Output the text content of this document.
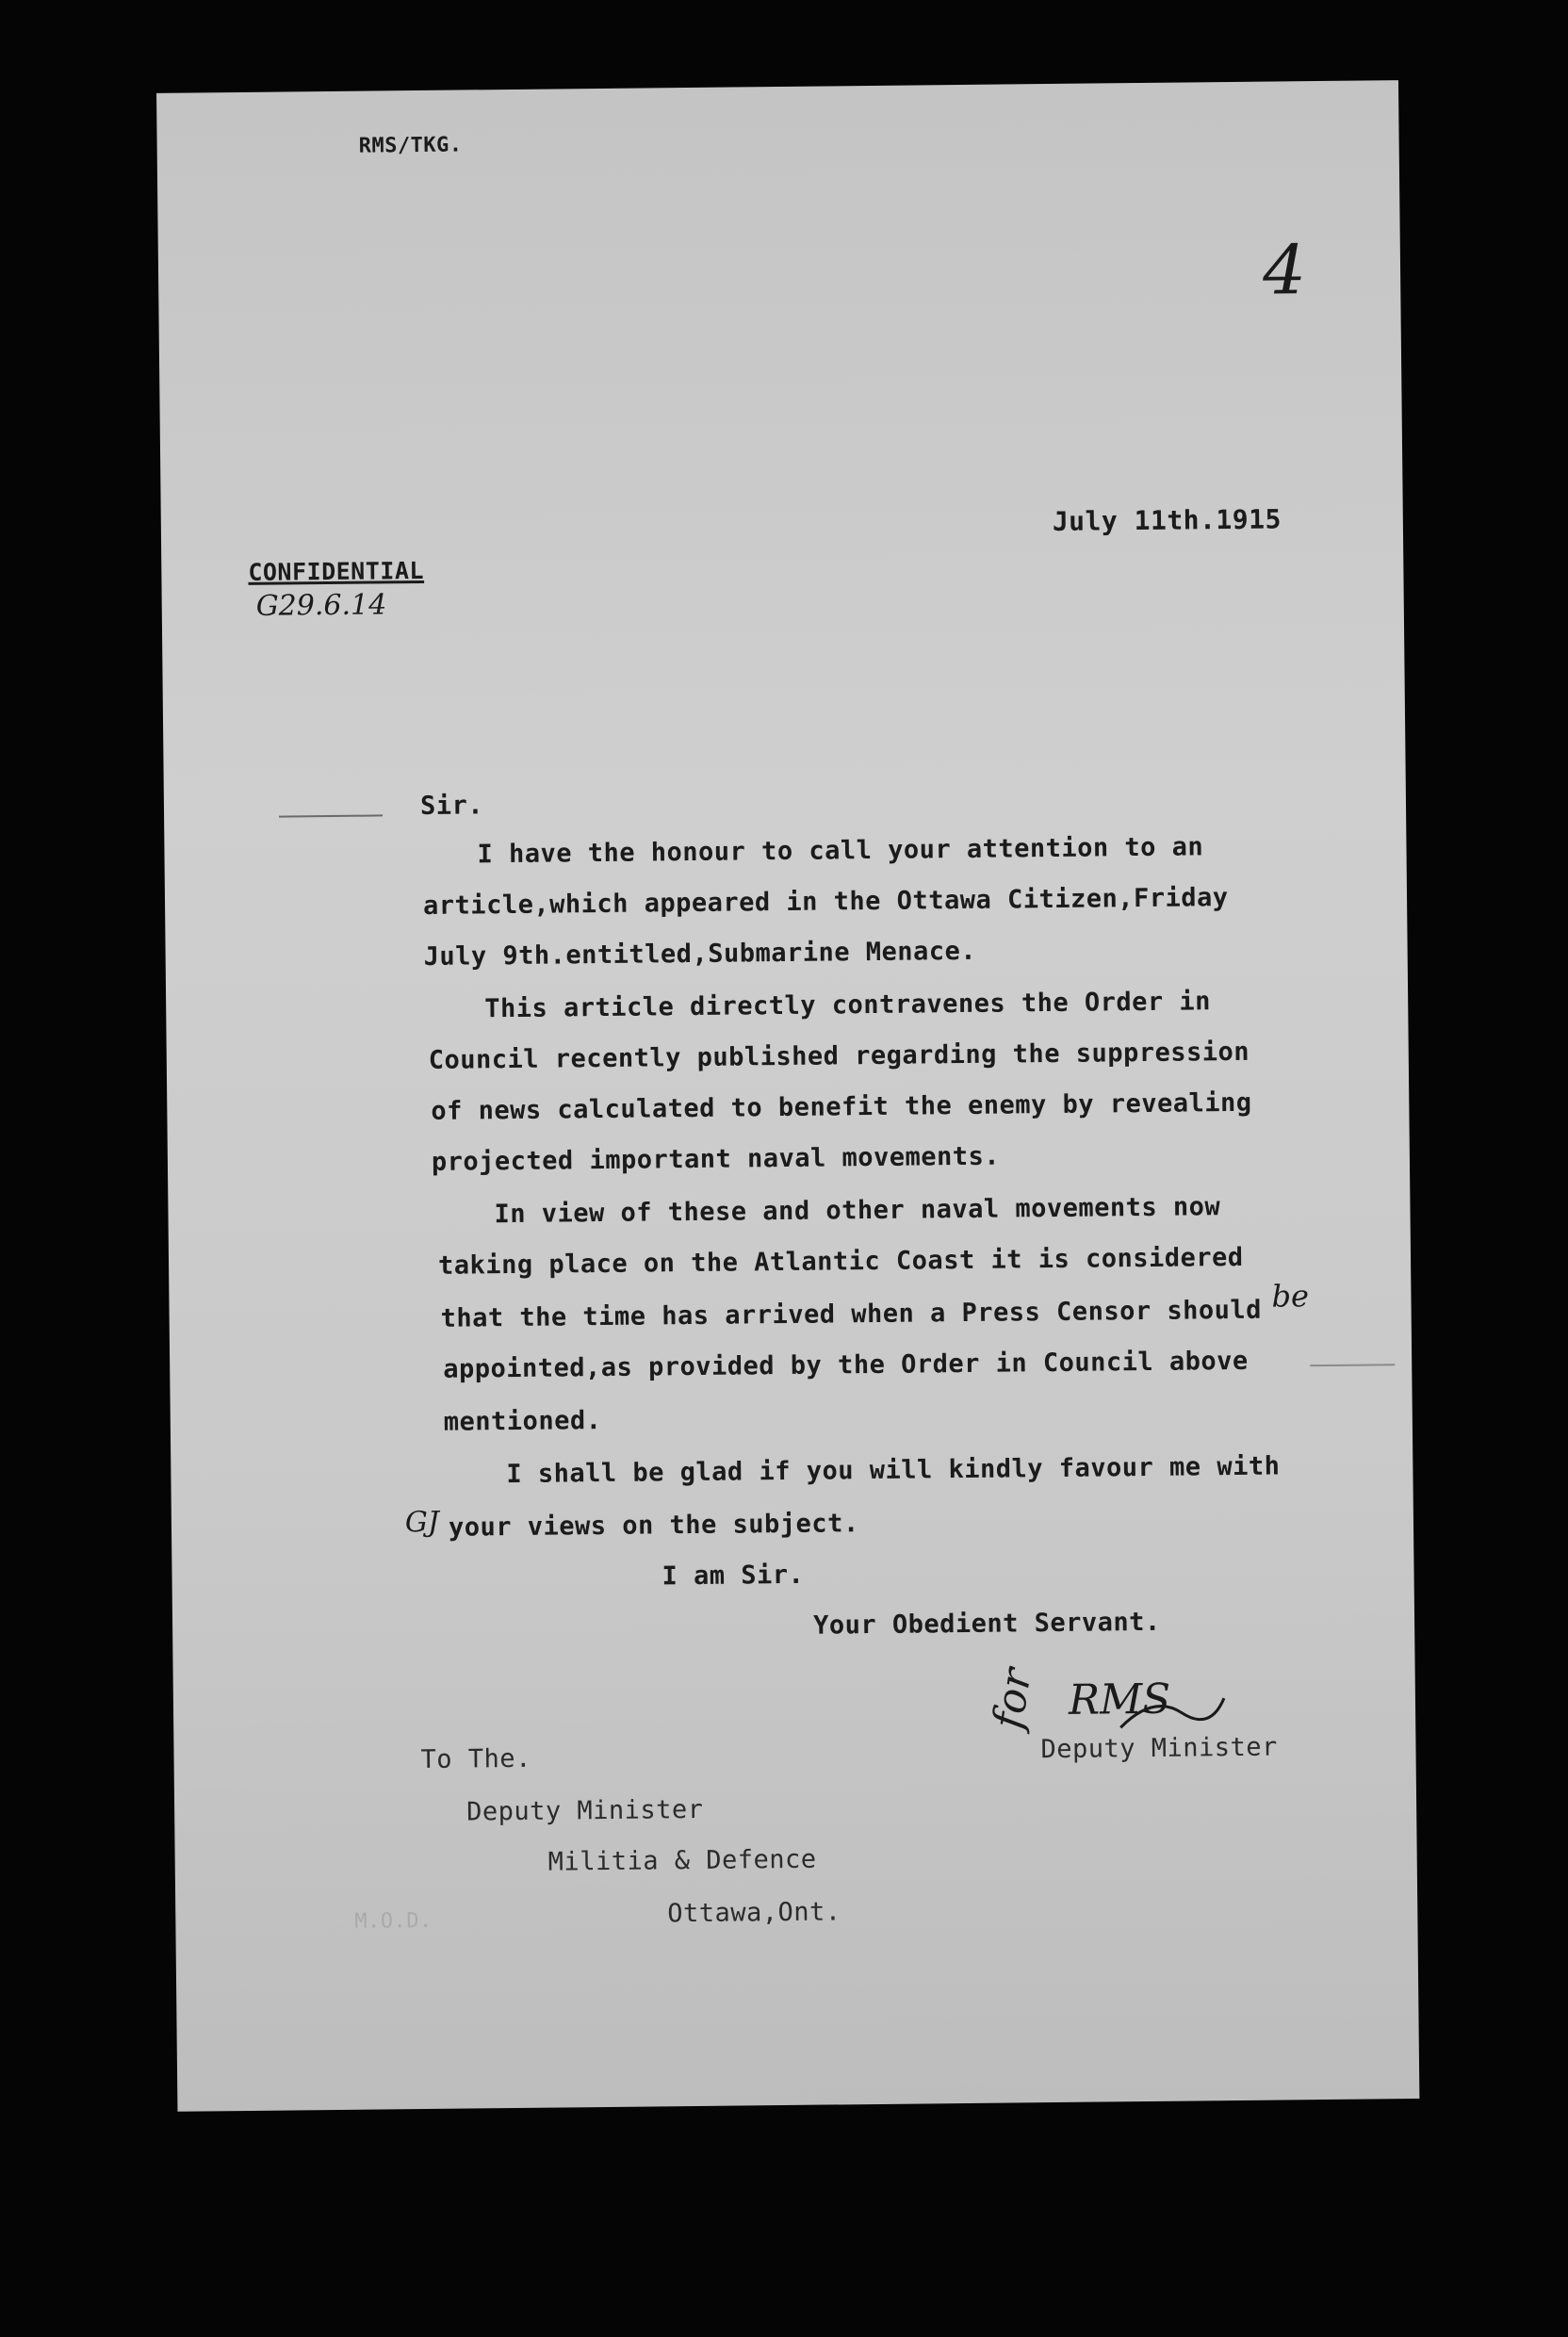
RMS/TKG.
4
July 11th.1915
CONFIDENTIAL
G29.6.14
Sir.
I have the honour to call your attention to an
article,which appeared in the Ottawa Citizen,Friday
July 9th.entitled,Submarine Menace.
This article directly contravenes the Order in
Council recently published regarding the suppression
of news calculated to benefit the enemy by revealing
projected important naval movements.
In view of these and other naval movements now
taking place on the Atlantic Coast it is considered
that the time has arrived when a Press Censor should be
appointed,as provided by the Order in Council above
mentioned.
I shall be glad if you will kindly favour me with
GJ your views on the subject.
I am Sir.
Your Obedient Servant.
RMS
for
Deputy Minister
To The.
Deputy Minister
Militia & Defence
Ottawa,Ont.
M.O.D.
